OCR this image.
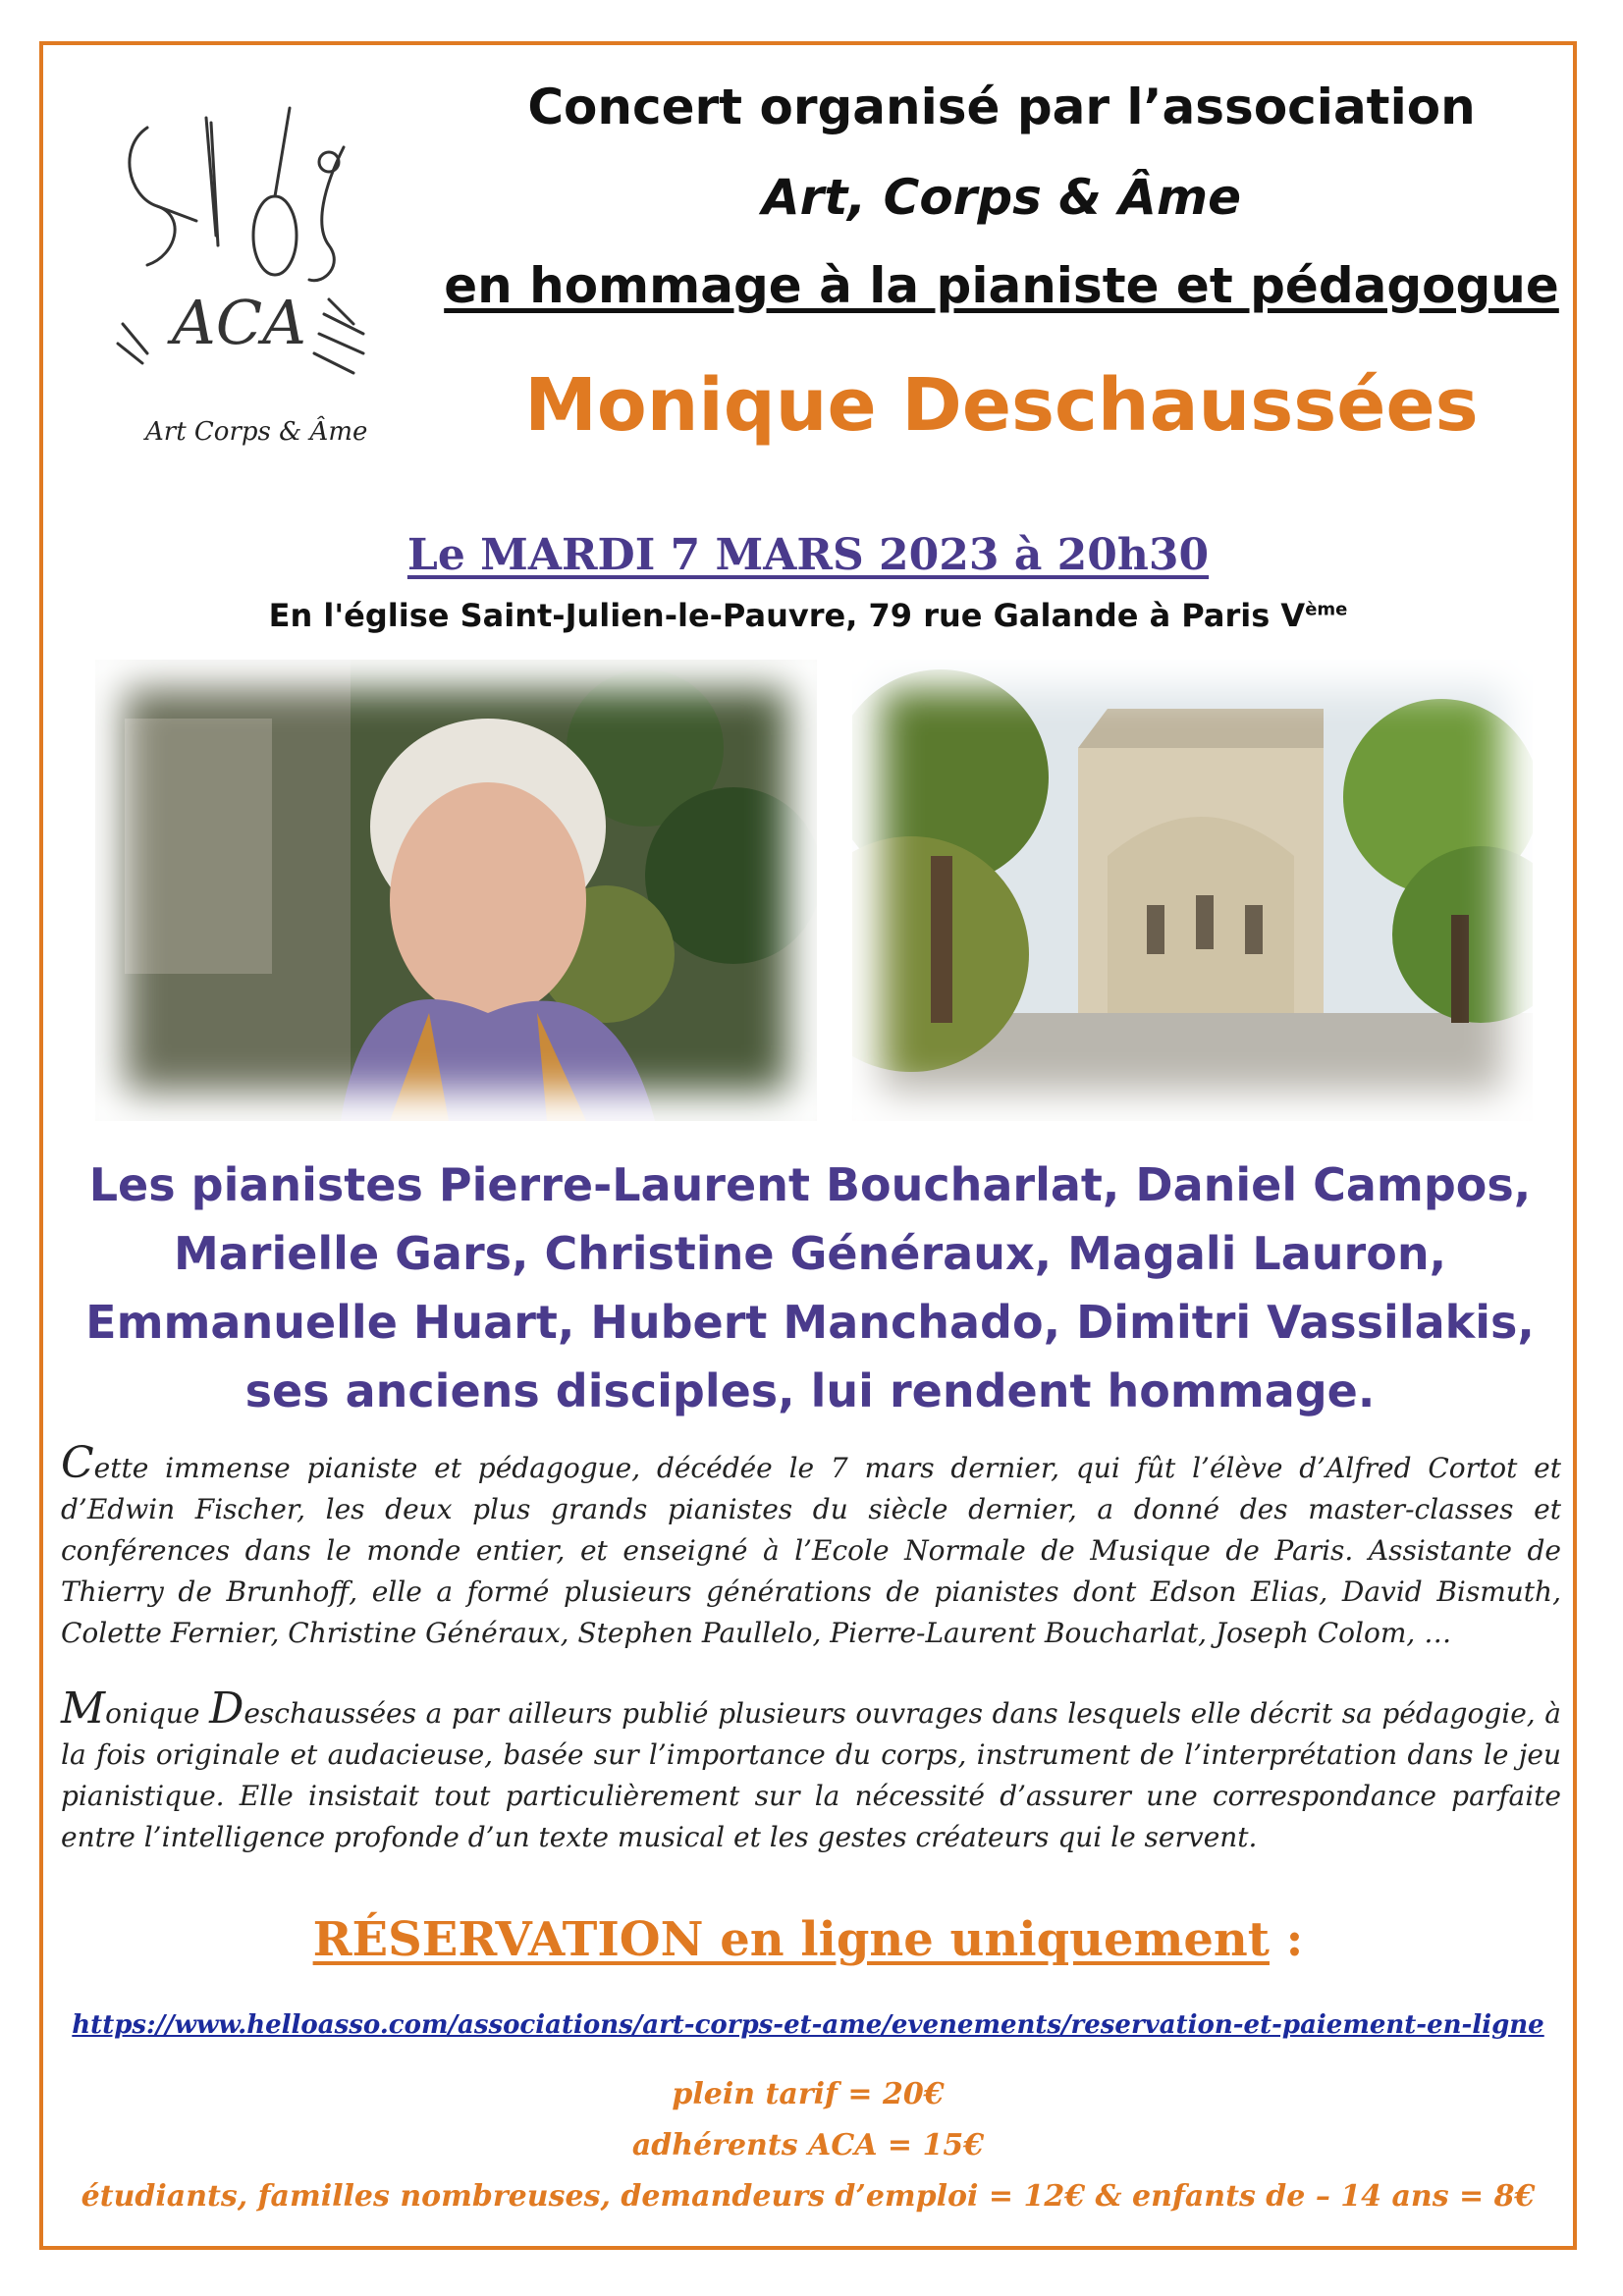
ACA
Art Corps & Âme
Concert organisé par l’association
Art, Corps & Âme
en hommage à la pianiste et pédagogue
Monique Deschaussées
Le MARDI 7 MARS 2023 à 20h30
En l'église Saint-Julien-le-Pauvre, 79 rue Galande à Paris Vème
Les pianistes Pierre-Laurent Boucharlat, Daniel Campos,
Marielle Gars, Christine Généraux, Magali Lauron,
Emmanuelle Huart, Hubert Manchado, Dimitri Vassilakis,
ses anciens disciples, lui rendent hommage.
Cette immense pianiste et pédagogue, décédée le 7 mars dernier, qui fût l’élève d’Alfred Cortot et d’Edwin Fischer, les deux plus grands pianistes du siècle dernier, a donné des master-classes et conférences dans le monde entier, et enseigné à l’Ecole Normale de Musique de Paris. Assistante de Thierry de Brunhoff, elle a formé plusieurs générations de pianistes dont Edson Elias, David Bismuth, Colette Fernier, Christine Généraux, Stephen Paullelo, Pierre-Laurent Boucharlat, Joseph Colom, …
Monique Deschaussées a par ailleurs publié plusieurs ouvrages dans lesquels elle décrit sa pédagogie, à la fois originale et audacieuse, basée sur l’importance du corps, instrument de l’interprétation dans le jeu pianistique. Elle insistait tout particulièrement sur la nécessité d’assurer une correspondance parfaite entre l’intelligence profonde d’un texte musical et les gestes créateurs qui le servent.
RÉSERVATION en ligne uniquement :
https://www.helloasso.com/associations/art-corps-et-ame/evenements/reservation-et-paiement-en-ligne
plein tarif = 20€
adhérents ACA = 15€
étudiants, familles nombreuses, demandeurs d’emploi = 12€ & enfants de – 14 ans = 8€
